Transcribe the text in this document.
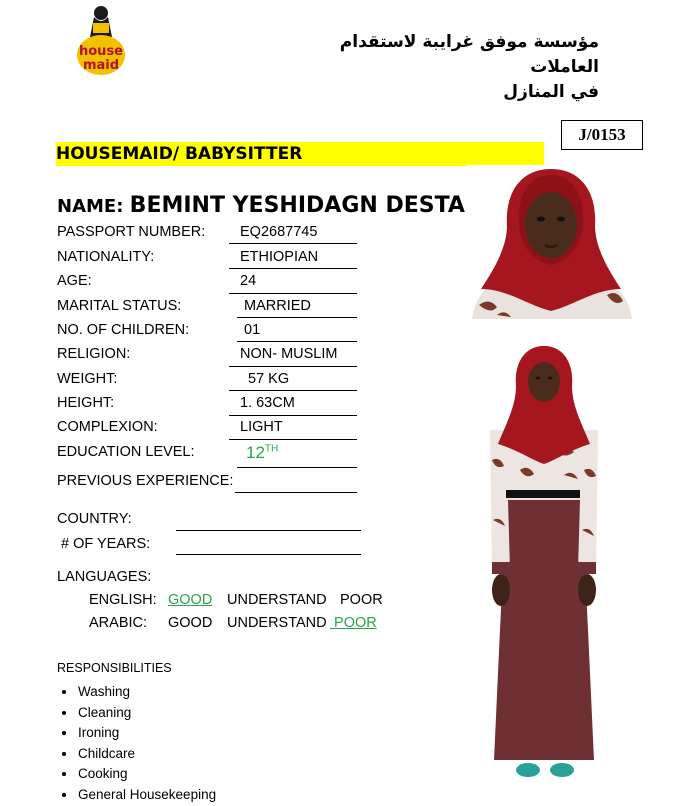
house
maid
مؤسسة موفق غرايبة لاستقدام العاملات
في المنازل
J/0153
HOUSEMAID/ BABYSITTER
NAME: BEMINT YESHIDAGN DESTA
PASSPORT NUMBER: EQ2687745
NATIONALITY:	ETHIOPIAN
AGE:	24
MARITAL STATUS:	MARRIED
NO. OF CHILDREN:	01
RELIGION:	NON- MUSLIM
WEIGHT:	57 KG
HEIGHT:	1. 63CM
COMPLEXION:	LIGHT
EDUCATION LEVEL:	12TH
PREVIOUS EXPERIENCE:
COUNTRY:
# OF YEARS:
LANGUAGES:
ENGLISH: GOOD UNDERSTAND POOR
ARABIC: GOOD UNDERSTAND POOR
RESPONSIBILITIES
• Washing
• Cleaning
• Ironing
• Childcare
• Cooking
• General Housekeeping
